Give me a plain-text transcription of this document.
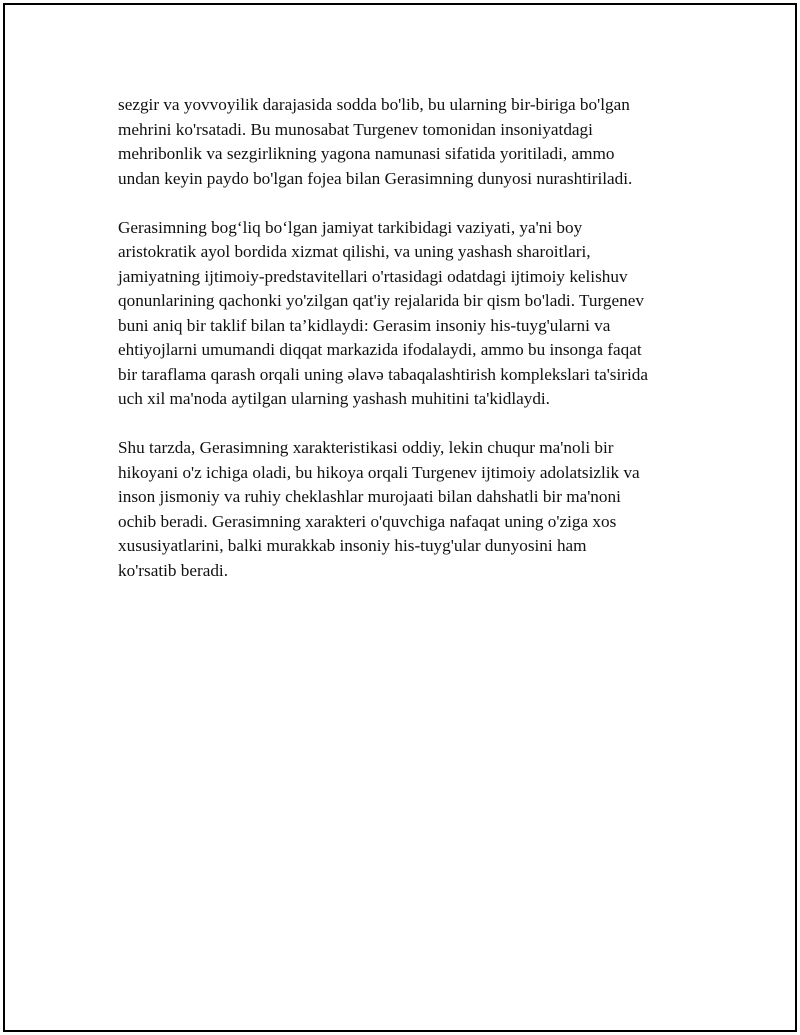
sezgir va yovvoyilik darajasida sodda bo'lib, bu ularning bir-biriga bo'lgan
mehrini ko'rsatadi. Bu munosabat Turgenev tomonidan insoniyatdagi
mehribonlik va sezgirlikning yagona namunasi sifatida yoritiladi, ammo
undan keyin paydo bo'lgan fojea bilan Gerasimning dunyosi nurashtiriladi.

Gerasimning bog‘liq bo‘lgan jamiyat tarkibidagi vaziyati, ya'ni boy
aristokratik ayol bordida xizmat qilishi, va uning yashash sharoitlari,
jamiyatning ijtimoiy-predstavitellari o'rtasidagi odatdagi ijtimoiy kelishuv
qonunlarining qachonki yo'zilgan qat'iy rejalarida bir qism bo'ladi. Turgenev
buni aniq bir taklif bilan ta’kidlaydi: Gerasim insoniy his-tuyg'ularni va
ehtiyojlarni umumandi diqqat markazida ifodalaydi, ammo bu insonga faqat
bir taraflama qarash orqali uning əlavə tabaqalashtirish komplekslari ta'sirida
uch xil ma'noda aytilgan ularning yashash muhitini ta'kidlaydi.

Shu tarzda, Gerasimning xarakteristikasi oddiy, lekin chuqur ma'noli bir
hikoyani o'z ichiga oladi, bu hikoya orqali Turgenev ijtimoiy adolatsizlik va
inson jismoniy va ruhiy cheklashlar murojaati bilan dahshatli bir ma'noni
ochib beradi. Gerasimning xarakteri o'quvchiga nafaqat uning o'ziga xos
xususiyatlarini, balki murakkab insoniy his-tuyg'ular dunyosini ham
ko'rsatib beradi.
